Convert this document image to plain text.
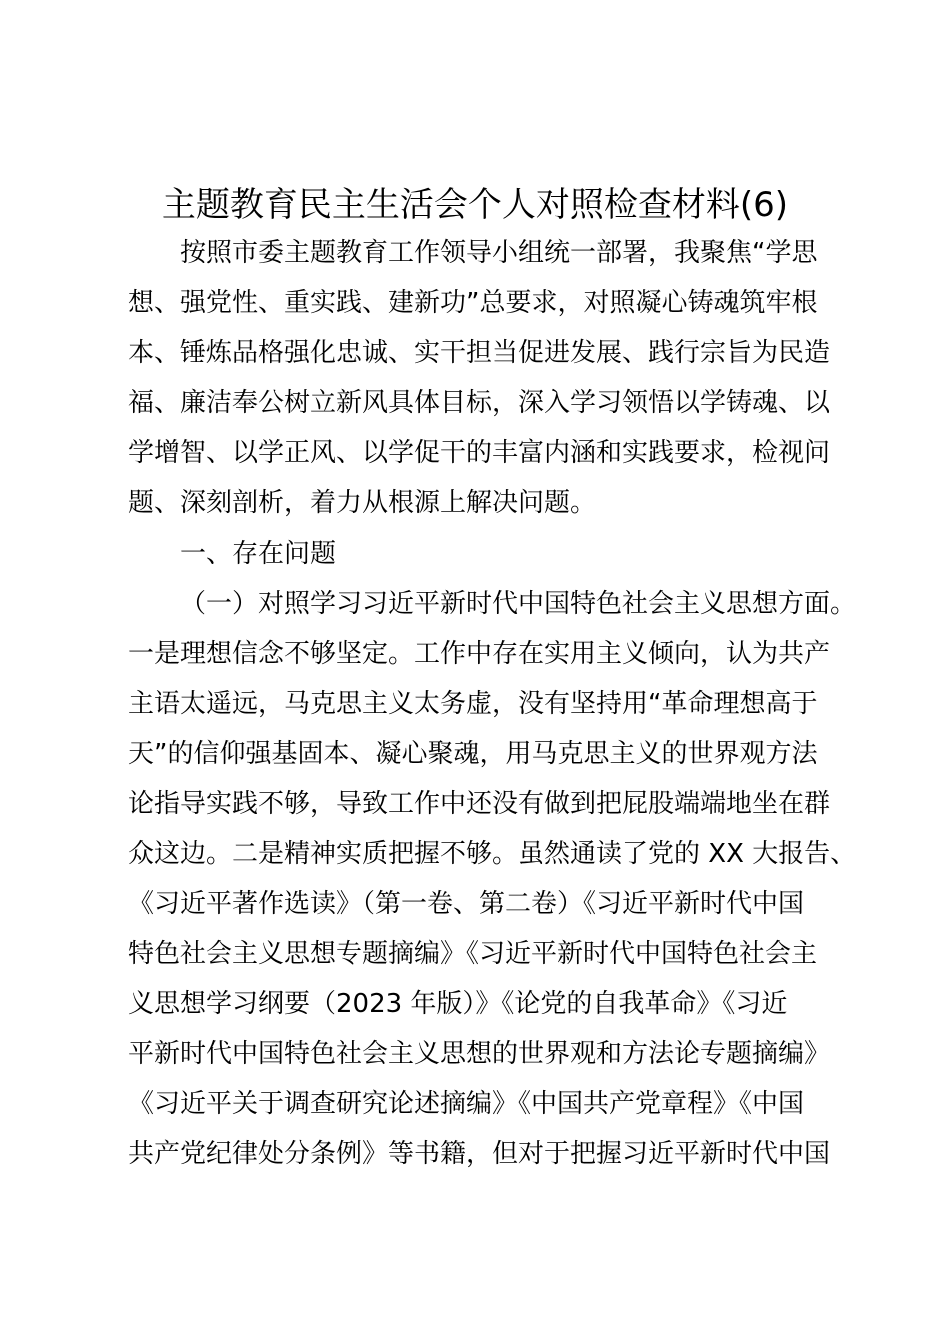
主题教育民主生活会个人对照检查材料(6)
按照市委主题教育工作领导小组统一部署，我聚焦“学思
想、强党性、重实践、建新功”总要求，对照凝心铸魂筑牢根
本、锤炼品格强化忠诚、实干担当促进发展、践行宗旨为民造
福、廉洁奉公树立新风具体目标，深入学习领悟以学铸魂、以
学增智、以学正风、以学促干的丰富内涵和实践要求，检视问
题、深刻剖析，着力从根源上解决问题。
一、存在问题
（一）对照学习习近平新时代中国特色社会主义思想方面。
一是理想信念不够坚定。工作中存在实用主义倾向，认为共产
主语太遥远，马克思主义太务虚，没有坚持用“革命理想高于
天”的信仰强基固本、凝心聚魂，用马克思主义的世界观方法
论指导实践不够，导致工作中还没有做到把屁股端端地坐在群
众这边。二是精神实质把握不够。虽然通读了党的 XX 大报告、
《习近平著作选读》（第一卷、第二卷）《习近平新时代中国
特色社会主义思想专题摘编》《习近平新时代中国特色社会主
义思想学习纲要（2023 年版）》《论党的自我革命》《习近
平新时代中国特色社会主义思想的世界观和方法论专题摘编》
《习近平关于调查研究论述摘编》《中国共产党章程》《中国
共产党纪律处分条例》等书籍，但对于把握习近平新时代中国
